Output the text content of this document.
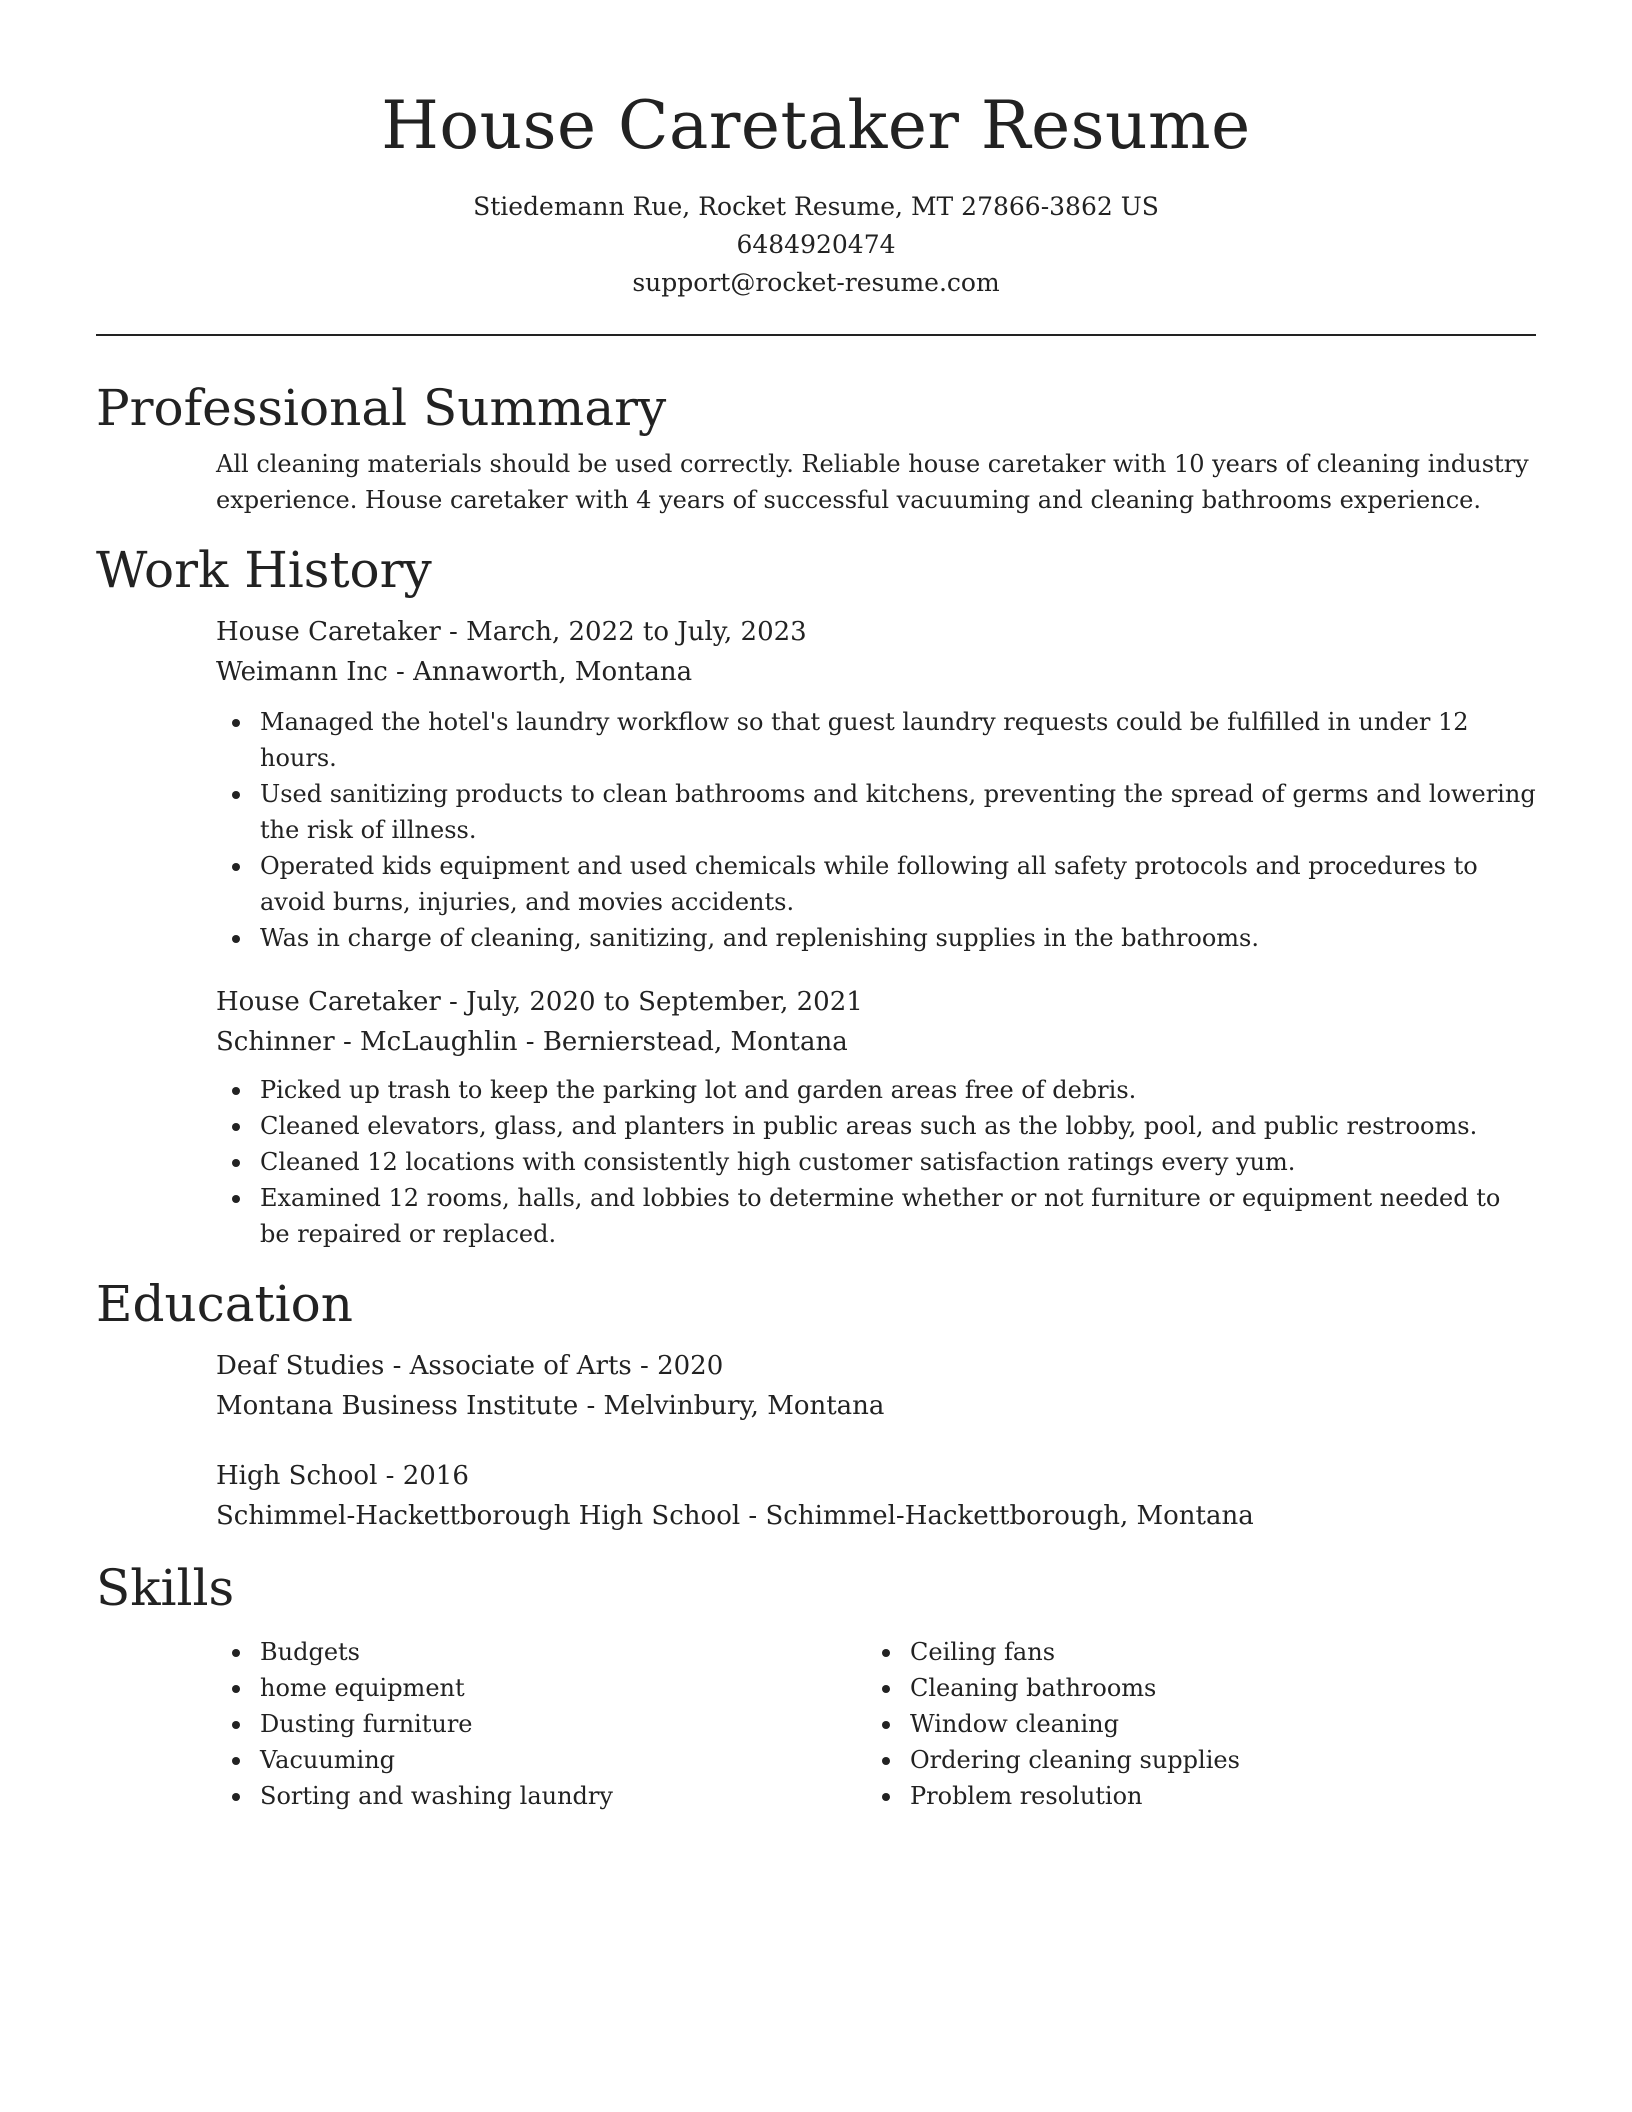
House Caretaker Resume
Stiedemann Rue, Rocket Resume, MT 27866-3862 US
6484920474
support@rocket-resume.com
Professional Summary

All cleaning materials should be used correctly. Reliable house caretaker with 10 years of cleaning industry experience. House caretaker with 4 years of successful vacuuming and cleaning bathrooms experience.

Work History
House Caretaker - March, 2022 to July, 2023
Weimann Inc - Annaworth, Montana
Managed the hotel's laundry workflow so that guest laundry requests could be fulfilled in under 12 hours.
Used sanitizing products to clean bathrooms and kitchens, preventing the spread of germs and lowering the risk of illness.
Operated kids equipment and used chemicals while following all safety protocols and procedures to avoid burns, injuries, and movies accidents.
Was in charge of cleaning, sanitizing, and replenishing supplies in the bathrooms.
House Caretaker - July, 2020 to September, 2021
Schinner - McLaughlin - Bernierstead, Montana
Picked up trash to keep the parking lot and garden areas free of debris.
Cleaned elevators, glass, and planters in public areas such as the lobby, pool, and public restrooms.
Cleaned 12 locations with consistently high customer satisfaction ratings every yum.
Examined 12 rooms, halls, and lobbies to determine whether or not furniture or equipment needed to be repaired or replaced.
Education
Deaf Studies - Associate of Arts - 2020
Montana Business Institute - Melvinbury, Montana
High School - 2016
Schimmel-Hackettborough High School - Schimmel-Hackettborough, Montana
Skills
Budgets
home equipment
Dusting furniture
Vacuuming
Sorting and washing laundry
Ceiling fans
Cleaning bathrooms
Window cleaning
Ordering cleaning supplies
Problem resolution
